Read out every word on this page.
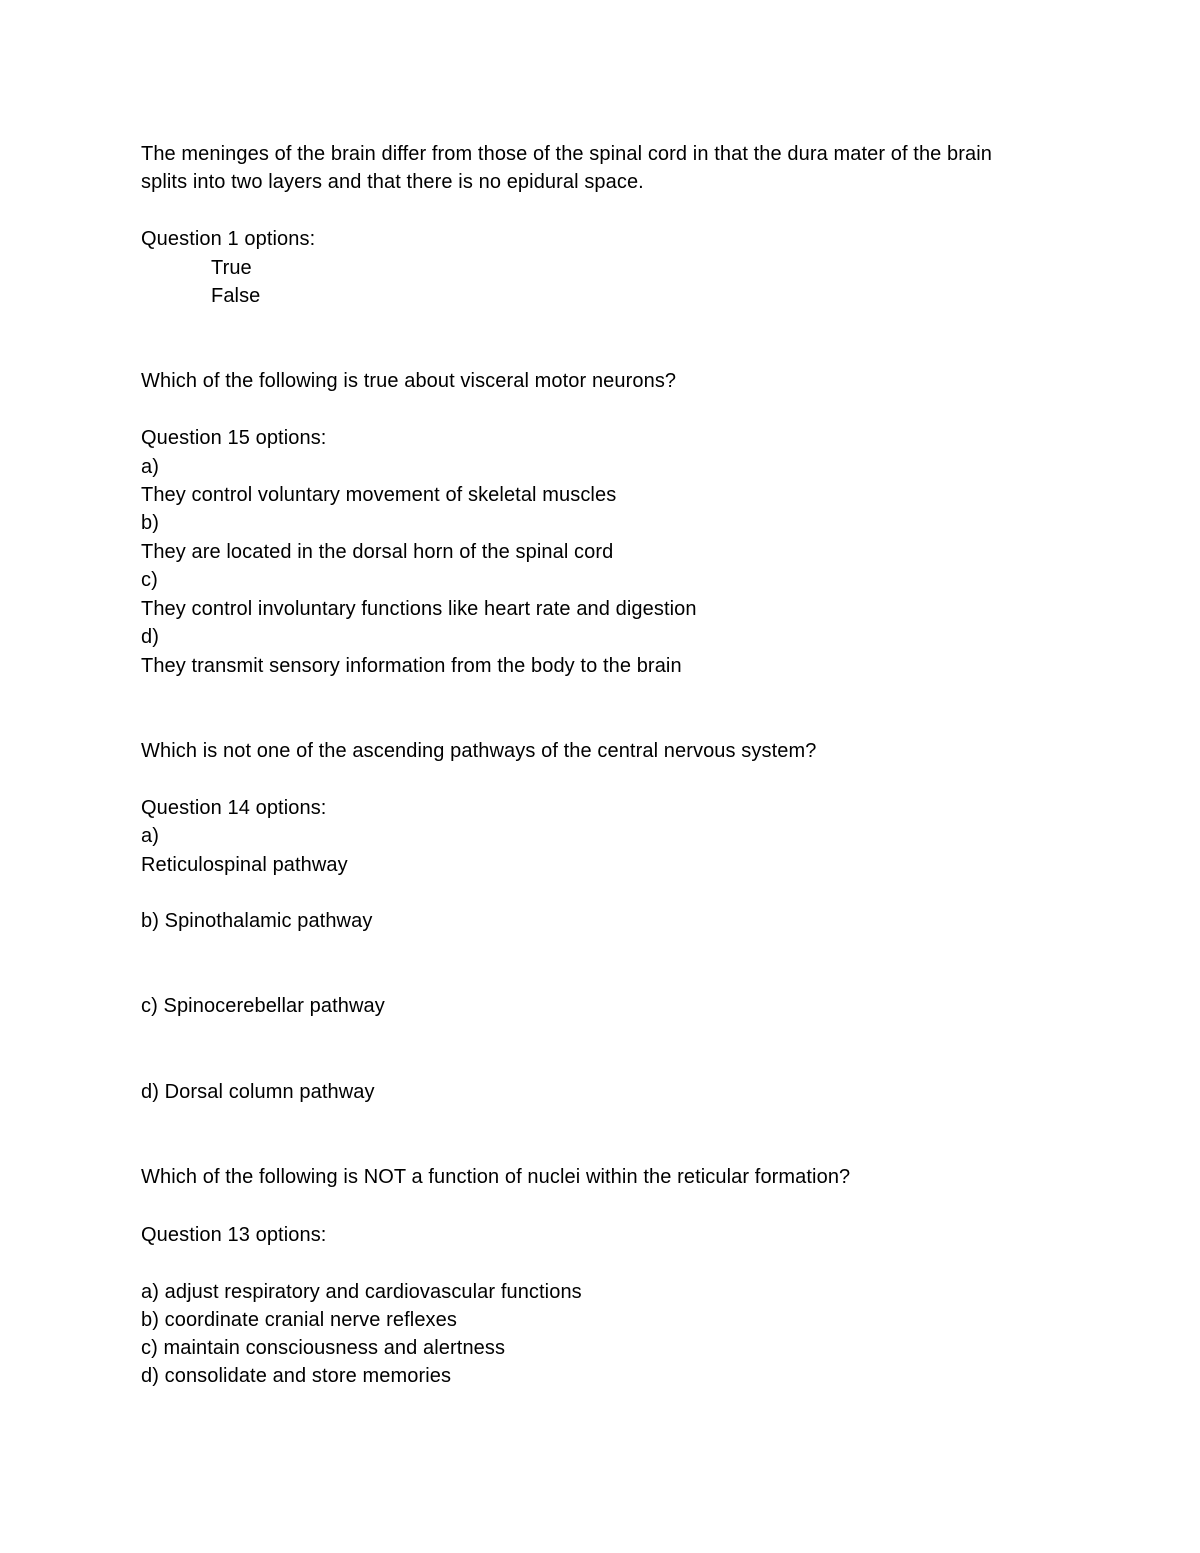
The meninges of the brain differ from those of the spinal cord in that the dura mater of the brain
splits into two layers and that there is no epidural space.
Question 1 options:
True
False
Which of the following is true about visceral motor neurons?
Question 15 options:
a)
They control voluntary movement of skeletal muscles
b)
They are located in the dorsal horn of the spinal cord
c)
They control involuntary functions like heart rate and digestion
d)
They transmit sensory information from the body to the brain
Which is not one of the ascending pathways of the central nervous system?
Question 14 options:
a)
Reticulospinal pathway
b) Spinothalamic pathway
c) Spinocerebellar pathway
d) Dorsal column pathway
Which of the following is NOT a function of nuclei within the reticular formation?
Question 13 options:
a) adjust respiratory and cardiovascular functions
b) coordinate cranial nerve reflexes
c) maintain consciousness and alertness
d) consolidate and store memories
